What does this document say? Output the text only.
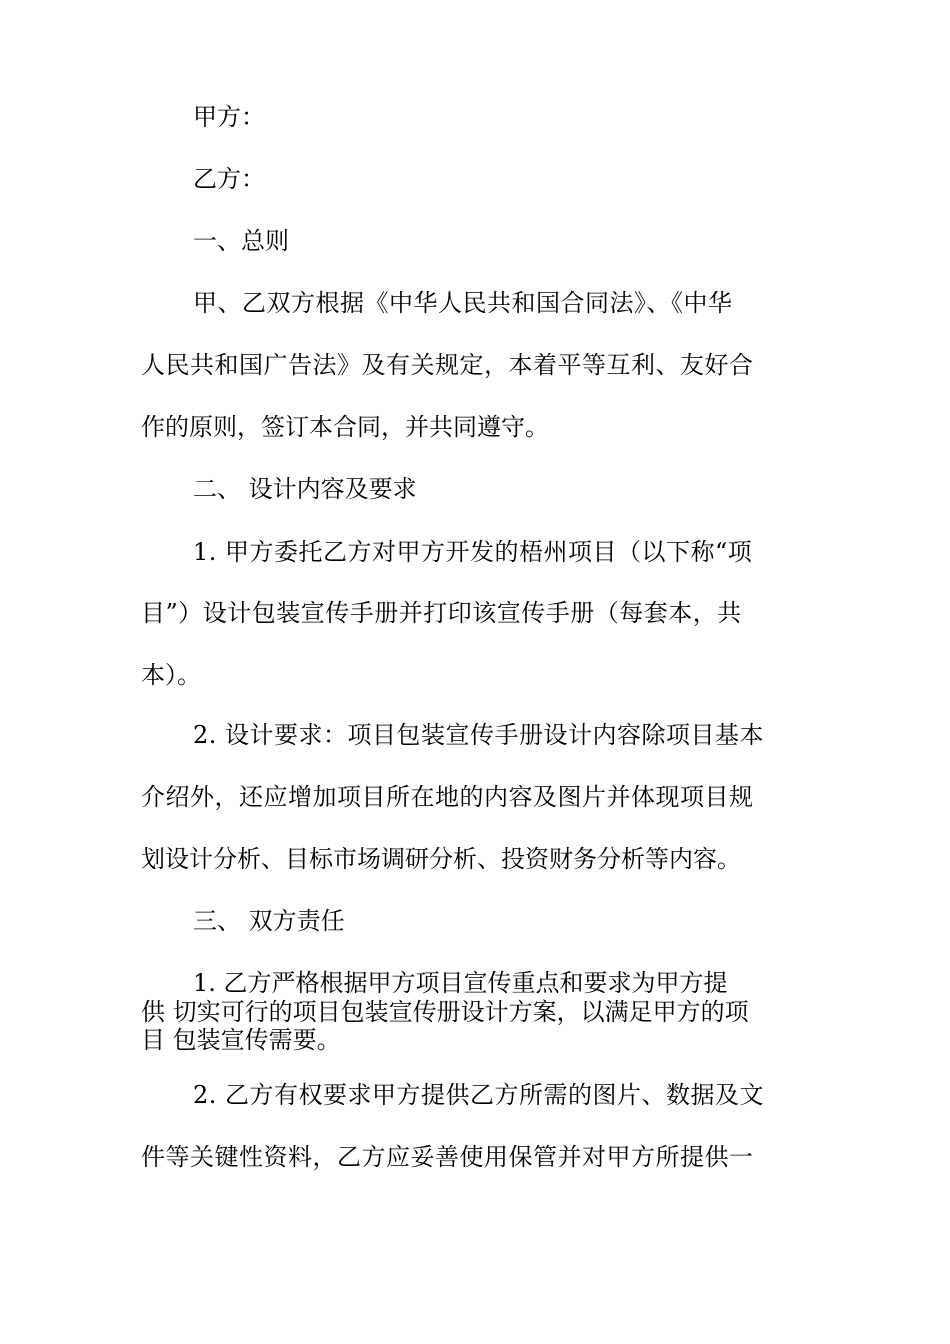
甲方：

乙方：

一、总则

甲、乙双方根据《中华人民共和国合同法》、《中华

人民共和国广告法》及有关规定，本着平等互利、友好合

作的原则，签订本合同，并共同遵守。

二、 设计内容及要求

1. 甲方委托乙方对甲方开发的梧州项目（以下称“项

目”）设计包装宣传手册并打印该宣传手册（每套本，共

本）。

2. 设计要求：项目包装宣传手册设计内容除项目基本

介绍外，还应增加项目所在地的内容及图片并体现项目规

划设计分析、目标市场调研分析、投资财务分析等内容。

三、 双方责任

1. 乙方严格根据甲方项目宣传重点和要求为甲方提

供 切实可行的项目包装宣传册设计方案，以满足甲方的项

目 包装宣传需要。

2. 乙方有权要求甲方提供乙方所需的图片、数据及文

件等关键性资料，乙方应妥善使用保管并对甲方所提供一
